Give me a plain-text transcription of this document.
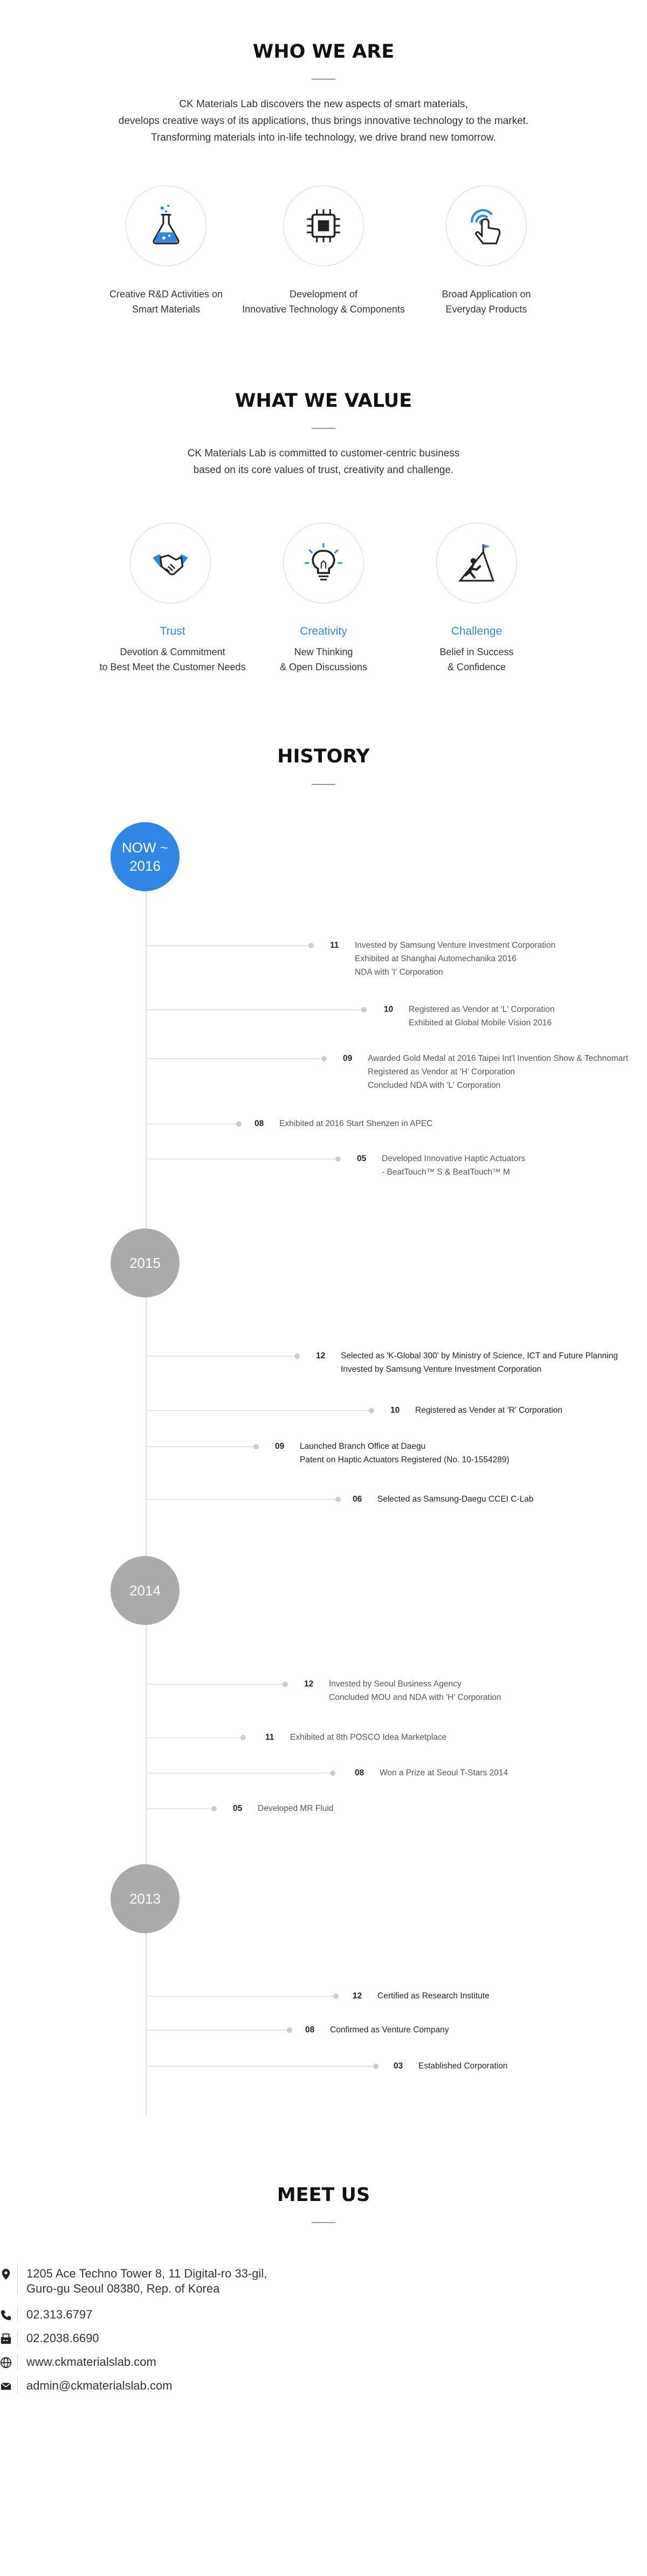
WHO WE ARE
CK Materials Lab discovers the new aspects of smart materials,
develops creative ways of its applications, thus brings innovative technology to the market.
Transforming materials into in-life technology, we drive brand new tomorrow.
Creative R&D Activities on
Smart Materials
Development of
Innovative Technology & Components
Broad Application on
Everyday Products
WHAT WE VALUE
CK Materials Lab is committed to customer-centric business
based on its core values of trust, creativity and challenge.
Trust	Creativity	Challenge
Devotion & Commitment
to Best Meet the Customer Needs
New Thinking
& Open Discussions
Belief in Success
& Confidence
HISTORY
NOW ~
2016
11 Invested by Samsung Venture Investment Corporation
Exhibited at Shanghai Automechanika 2016
NDA with 'I' Corporation
10 Registered as Vendor at 'L' Corporation
Exhibited at Global Mobile Vision 2016
09 Awarded Gold Medal at 2016 Taipei Int'l Invention Show & Technomart
Registered as Vendor at 'H' Corporation
Concluded NDA with 'L' Corporation
08 Exhibited at 2016 Start Shenzen in APEC
05 Developed Innovative Haptic Actuators
- BeatTouch™ S & BeatTouch™ M
2015
12 Selected as 'K-Global 300' by Ministry of Science, ICT and Future Planning
Invested by Samsung Venture Investment Corporation
10 Registered as Vender at 'R' Corporation
09 Launched Branch Office at Daegu
Patent on Haptic Actuators Registered (No. 10-1554289)
06 Selected as Samsung-Daegu CCEI C-Lab
2014
12 Invested by Seoul Business Agency
Concluded MOU and NDA with 'H' Corporation
11 Exhibited at 8th POSCO Idea Marketplace
08 Won a Prize at Seoul T-Stars 2014
05 Developed MR Fluid
2013
12 Certified as Research Institute
08 Confirmed as Venture Company
03 Established Corporation
MEET US
1205 Ace Techno Tower 8, 11 Digital-ro 33-gil,
Guro-gu Seoul 08380, Rep. of Korea
02.313.6797
02.2038.6690
www.ckmaterialslab.com
admin@ckmaterialslab.com
